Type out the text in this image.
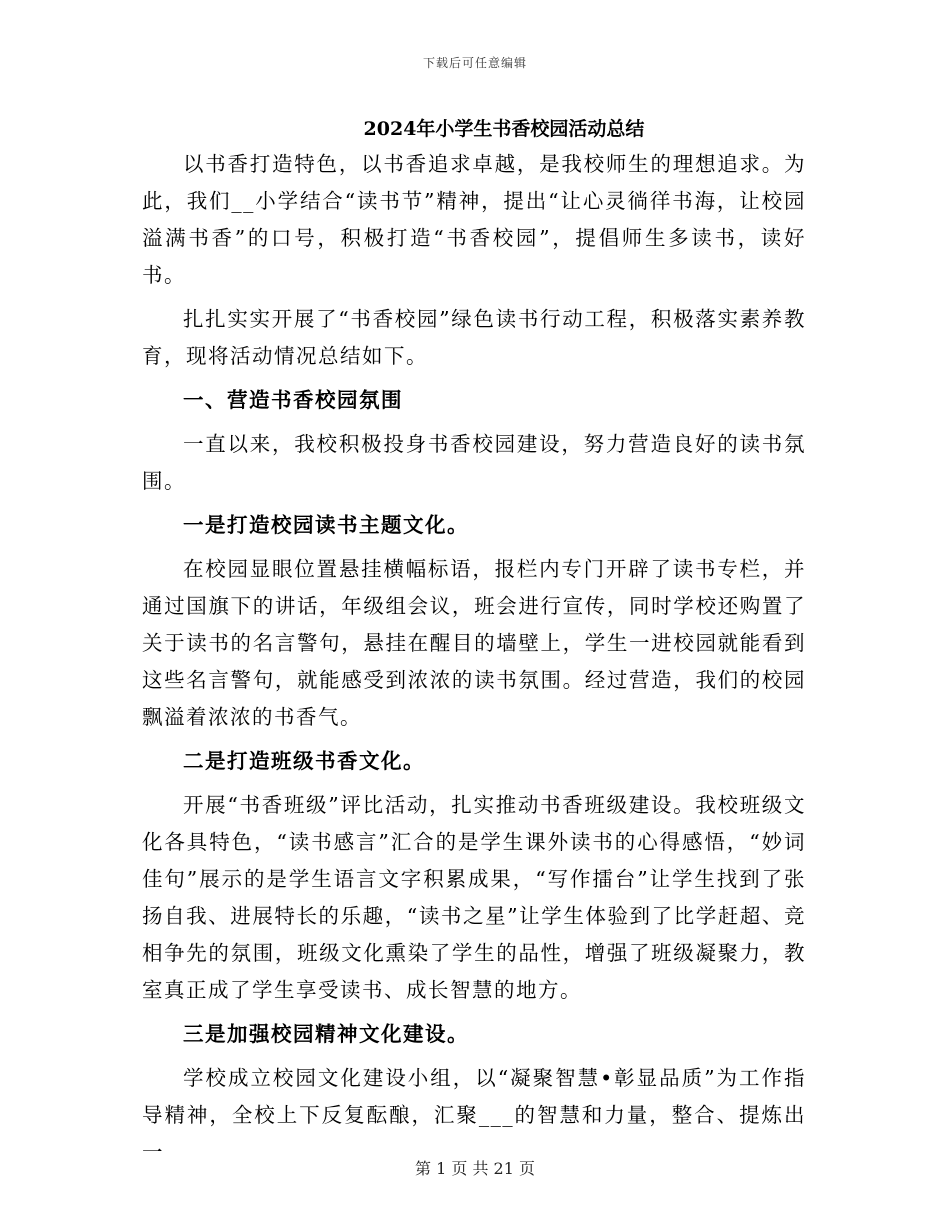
下载后可任意编辑
2024年小学生书香校园活动总结

以书香打造特色，以书香追求卓越，是我校师生的理想追求。为此，我们__小学结合“读书节”精神，提出“让心灵徜徉书海，让校园溢满书香”的口号，积极打造“书香校园”，提倡师生多读书，读好书。

扎扎实实开展了“书香校园”绿色读书行动工程，积极落实素养教育，现将活动情况总结如下。

一、营造书香校园氛围

一直以来，我校积极投身书香校园建设，努力营造良好的读书氛围。

一是打造校园读书主题文化。

在校园显眼位置悬挂横幅标语，报栏内专门开辟了读书专栏，并通过国旗下的讲话，年级组会议，班会进行宣传，同时学校还购置了关于读书的名言警句，悬挂在醒目的墙壁上，学生一进校园就能看到这些名言警句，就能感受到浓浓的读书氛围。经过营造，我们的校园飘溢着浓浓的书香气。

二是打造班级书香文化。

开展“书香班级”评比活动，扎实推动书香班级建设。我校班级文化各具特色，“读书感言”汇合的是学生课外读书的心得感悟，“妙词佳句”展示的是学生语言文字积累成果，“写作擂台”让学生找到了张扬自我、进展特长的乐趣，“读书之星”让学生体验到了比学赶超、竞相争先的氛围，班级文化熏染了学生的品性，增强了班级凝聚力，教室真正成了学生享受读书、成长智慧的地方。

三是加强校园精神文化建设。

学校成立校园文化建设小组，以“凝聚智慧•彰显品质”为工作指导精神，全校上下反复酝酿，汇聚___的智慧和力量，整合、提炼出一

第 1 页 共 21 页
